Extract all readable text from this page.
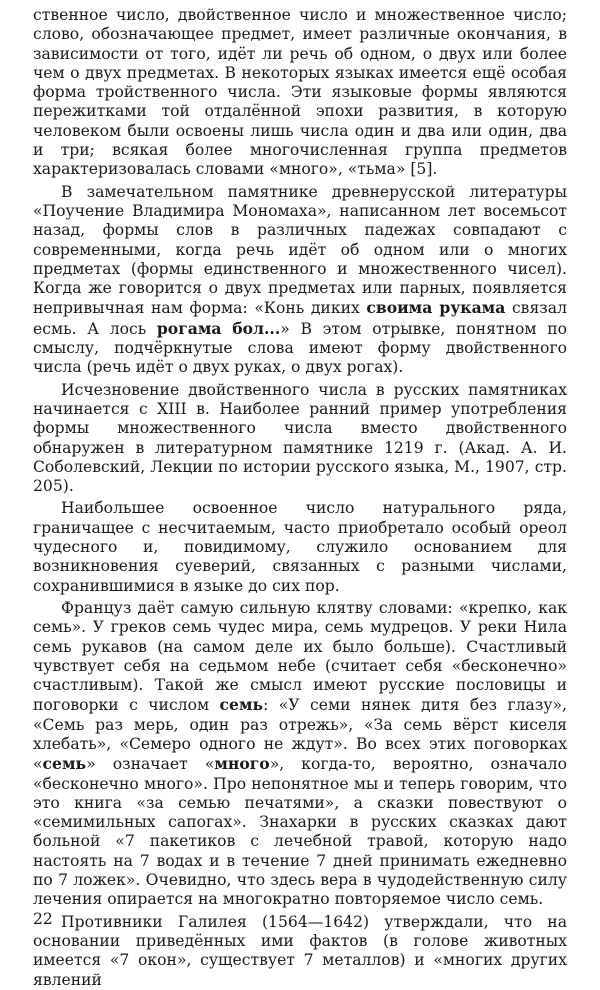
ственное число, двойственное число и множественное число; слово, обозначающее предмет, имеет различные окончания, в зависимости от того, идёт ли речь об одном, о двух или более чем о двух предметах. В некоторых языках имеется ещё особая форма тройственного числа. Эти языковые формы являются пережитками той отдалённой эпохи развития, в которую человеком были освоены лишь числа один и два или один, два и три; всякая более многочисленная группа предметов характеризовалась словами «много», «тьма» [5].

В замечательном памятнике древнерусской литературы «Поучение Владимира Мономаха», написанном лет восемьсот назад, формы слов в различных падежах совпадают с современными, когда речь идёт об одном или о многих предметах (формы единственного и множественного чисел). Когда же говорится о двух предметах или парных, появляется непривычная нам форма: «Конь диких своима рукама связал есмь. А лось рогама бол...» В этом отрывке, понятном по смыслу, подчёркнутые слова имеют форму двойственного числа (речь идёт о двух руках, о двух рогах).

Исчезновение двойственного числа в русских памятниках начинается с XIII в. Наиболее ранний пример употребления формы множественного числа вместо двойственного обнаружен в литературном памятнике 1219 г. (Акад. А. И. Соболевский, Лекции по истории русского языка, М., 1907, стр. 205).

Наибольшее освоенное число натурального ряда, граничащее с несчитаемым, часто приобретало особый ореол чудесного и, повидимому, служило основанием для возникновения суеверий, связанных с разными числами, сохранившимися в языке до сих пор.

Француз даёт самую сильную клятву словами: «крепко, как семь». У греков семь чудес мира, семь мудрецов. У реки Нила семь рукавов (на самом деле их было больше). Счастливый чувствует себя на седьмом небе (считает себя «бесконечно» счастливым). Такой же смысл имеют русские пословицы и поговорки с числом семь: «У семи нянек дитя без глазу», «Семь раз мерь, один раз отрежь», «За семь вёрст киселя хлебать», «Семеро одного не ждут». Во всех этих поговорках «семь» означает «много», когда-то, вероятно, означало «бесконечно много». Про непонятное мы и теперь говорим, что это книга «за семью печатями», а сказки повествуют о «семимильных сапогах». Знахарки в русских сказках дают больной «7 пакетиков с лечебной травой, которую надо настоять на 7 водах и в течение 7 дней принимать ежедневно по 7 ложек». Очевидно, что здесь вера в чудодейственную силу лечения опирается на многократно повторяемое число семь.

Противники Галилея (1564—1642) утверждали, что на основании приведённых ими фактов (в голове животных имеется «7 окон», существует 7 металлов) и «многих других явлений

22
